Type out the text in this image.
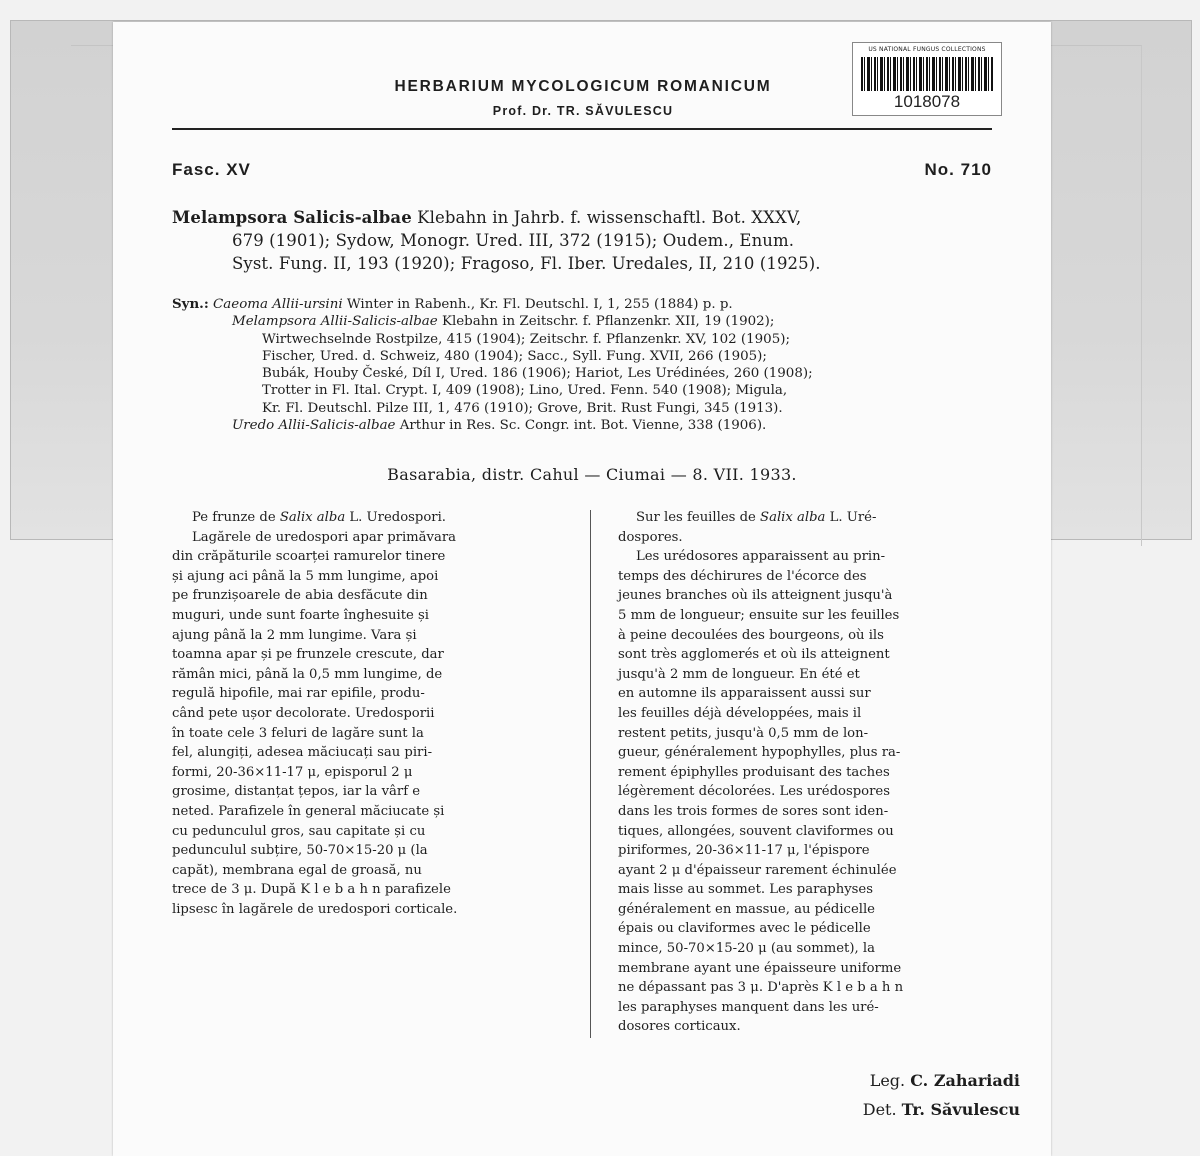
US NATIONAL FUNGUS COLLECTIONS
1018078
HERBARIUM MYCOLOGICUM ROMANICUM
Prof. Dr. TR. SĂVULESCU
Fasc. XV	No. 710
Melampsora Salicis-albae Klebahn in Jahrb. f. wissenschaftl. Bot. XXXV,
679 (1901); Sydow, Monogr. Ured. III, 372 (1915); Oudem., Enum.
Syst. Fung. II, 193 (1920); Fragoso, Fl. Iber. Uredales, II, 210 (1925).
Syn.: Caeoma Allii-ursini Winter in Rabenh., Kr. Fl. Deutschl. I, 1, 255 (1884) p. p.
Melampsora Allii-Salicis-albae Klebahn in Zeitschr. f. Pflanzenkr. XII, 19 (1902);
Wirtwechselnde Rostpilze, 415 (1904); Zeitschr. f. Pflanzenkr. XV, 102 (1905);
Fischer, Ured. d. Schweiz, 480 (1904); Sacc., Syll. Fung. XVII, 266 (1905);
Bubák, Houby České, Díl I, Ured. 186 (1906); Hariot, Les Urédinées, 260 (1908);
Trotter in Fl. Ital. Crypt. I, 409 (1908); Lino, Ured. Fenn. 540 (1908); Migula,
Kr. Fl. Deutschl. Pilze III, 1, 476 (1910); Grove, Brit. Rust Fungi, 345 (1913).
Uredo Allii-Salicis-albae Arthur in Res. Sc. Congr. int. Bot. Vienne, 338 (1906).
Basarabia, distr. Cahul — Ciumai — 8. VII. 1933.
Pe frunze de Salix alba L. Uredospori.
Lagărele de uredospori apar primăvara
din crăpăturile scoarței ramurelor tinere
și ajung aci până la 5 mm lungime, apoi
pe frunzișoarele de abia desfăcute din
muguri, unde sunt foarte înghesuite și
ajung până la 2 mm lungime. Vara și
toamna apar și pe frunzele crescute, dar
rămân mici, până la 0,5 mm lungime, de
regulă hipofile, mai rar epifile, produ-
când pete ușor decolorate. Uredosporii
în toate cele 3 feluri de lagăre sunt la
fel, alungiți, adesea măciucați sau piri-
formi, 20-36×11-17 μ, episporul 2 μ
grosime, distanțat țepos, iar la vârf e
neted. Parafizele în general măciucate și
cu pedunculul gros, sau capitate și cu
pedunculul subțire, 50-70×15-20 μ (la
capăt), membrana egal de groasă, nu
trece de 3 μ. După K l e b a h n parafizele
lipsesc în lagărele de uredospori corticale.
Sur les feuilles de Salix alba L. Uré-
dospores.
Les urédosores apparaissent au prin-
temps des déchirures de l'écorce des
jeunes branches où ils atteignent jusqu'à
5 mm de longueur; ensuite sur les feuilles
à peine decoulées des bourgeons, où ils
sont très agglomerés et où ils atteignent
jusqu'à 2 mm de longueur. En été et
en automne ils apparaissent aussi sur
les feuilles déjà développées, mais il
restent petits, jusqu'à 0,5 mm de lon-
gueur, généralement hypophylles, plus ra-
rement épiphylles produisant des taches
légèrement décolorées. Les urédospores
dans les trois formes de sores sont iden-
tiques, allongées, souvent claviformes ou
piriformes, 20-36×11-17 μ, l'épispore
ayant 2 μ d'épaisseur rarement échinulée
mais lisse au sommet. Les paraphyses
généralement en massue, au pédicelle
épais ou claviformes avec le pédicelle
mince, 50-70×15-20 μ (au sommet), la
membrane ayant une épaisseure uniforme
ne dépassant pas 3 μ. D'après K l e b a h n
les paraphyses manquent dans les uré-
dosores corticaux.
Leg. C. Zahariadi
Det. Tr. Săvulescu
